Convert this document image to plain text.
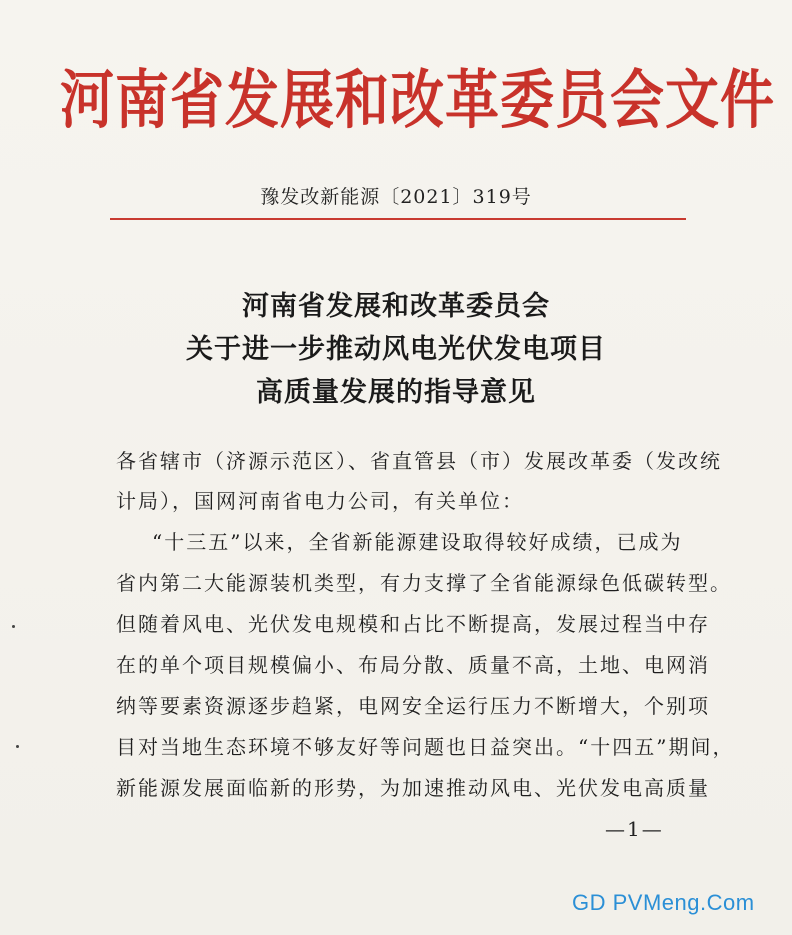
河南省发展和改革委员会文件
豫发改新能源〔2021〕319号
河南省发展和改革委员会
关于进一步推动风电光伏发电项目
高质量发展的指导意见
各省辖市（济源示范区）、省直管县（市）发展改革委（发改统
计局），国网河南省电力公司，有关单位：
“十三五”以来，全省新能源建设取得较好成绩，已成为
省内第二大能源装机类型，有力支撑了全省能源绿色低碳转型。
但随着风电、光伏发电规模和占比不断提高，发展过程当中存
在的单个项目规模偏小、布局分散、质量不高，土地、电网消
纳等要素资源逐步趋紧，电网安全运行压力不断增大，个别项
目对当地生态环境不够友好等问题也日益突出。“十四五”期间，
新能源发展面临新的形势，为加速推动风电、光伏发电高质量
—1—
GD PVMeng.Com
